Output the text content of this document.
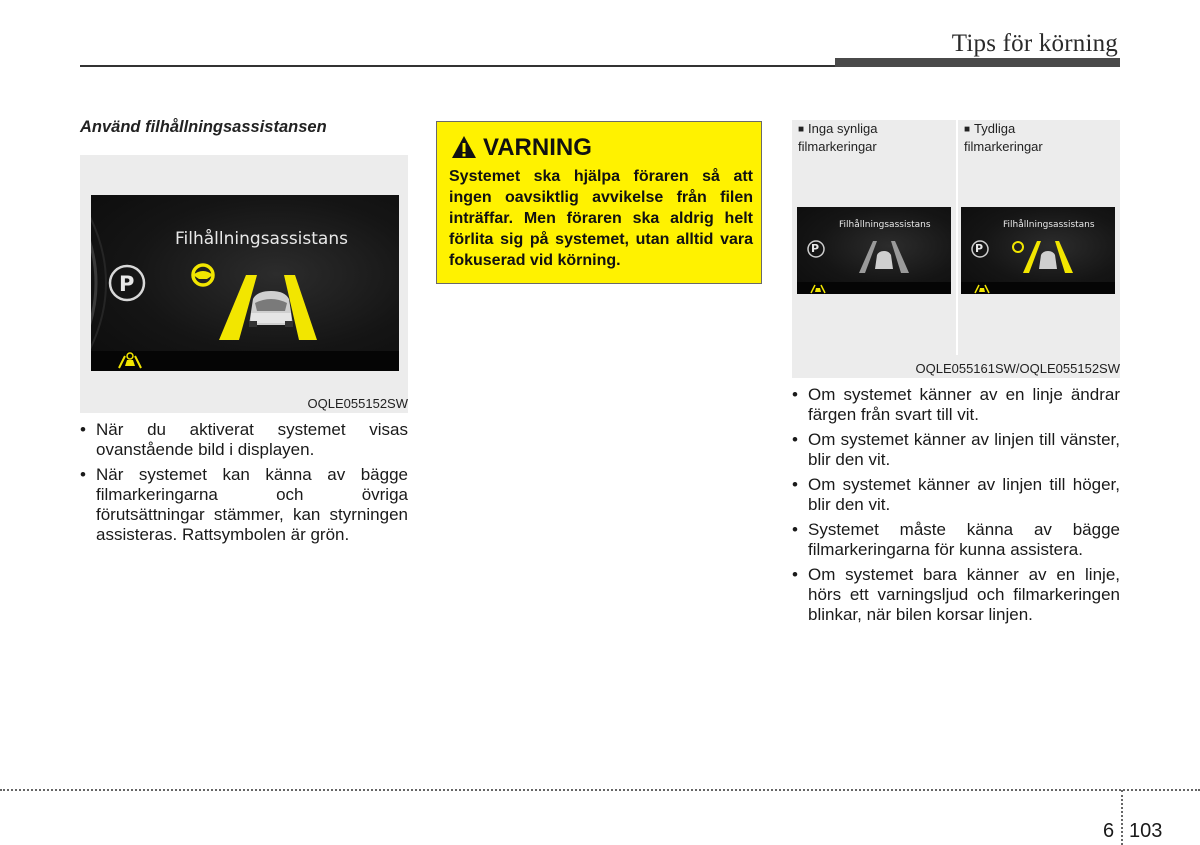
Tips för körning
Använd filhållningsassistansen
Filhållningsassistans
P
OQLE055152SW
• När du aktiverat systemet visas ovanstående bild i displayen.
• När systemet kan känna av bägge filmarkeringarna och övriga förutsättningar stämmer, kan styrningen assisteras. Rattsymbolen är grön.
VARNING
Systemet ska hjälpa föraren så att ingen oavsiktlig avvikelse från filen inträffar. Men föraren ska aldrig helt förlita sig på systemet, utan alltid vara fokuserad vid körning.
■ Inga synliga filmarkeringar
■ Tydliga filmarkeringar
Filhållningsassistans
P
Filhållningsassistans
P
OQLE055161SW/OQLE055152SW
• Om systemet känner av en linje ändrar färgen från svart till vit.
• Om systemet känner av linjen till vänster, blir den vit.
• Om systemet känner av linjen till höger, blir den vit.
• Systemet måste känna av bägge filmarkeringarna för kunna assistera.
• Om systemet bara känner av en linje, hörs ett varningsljud och filmarkeringen blinkar, när bilen korsar linjen.
6 103
